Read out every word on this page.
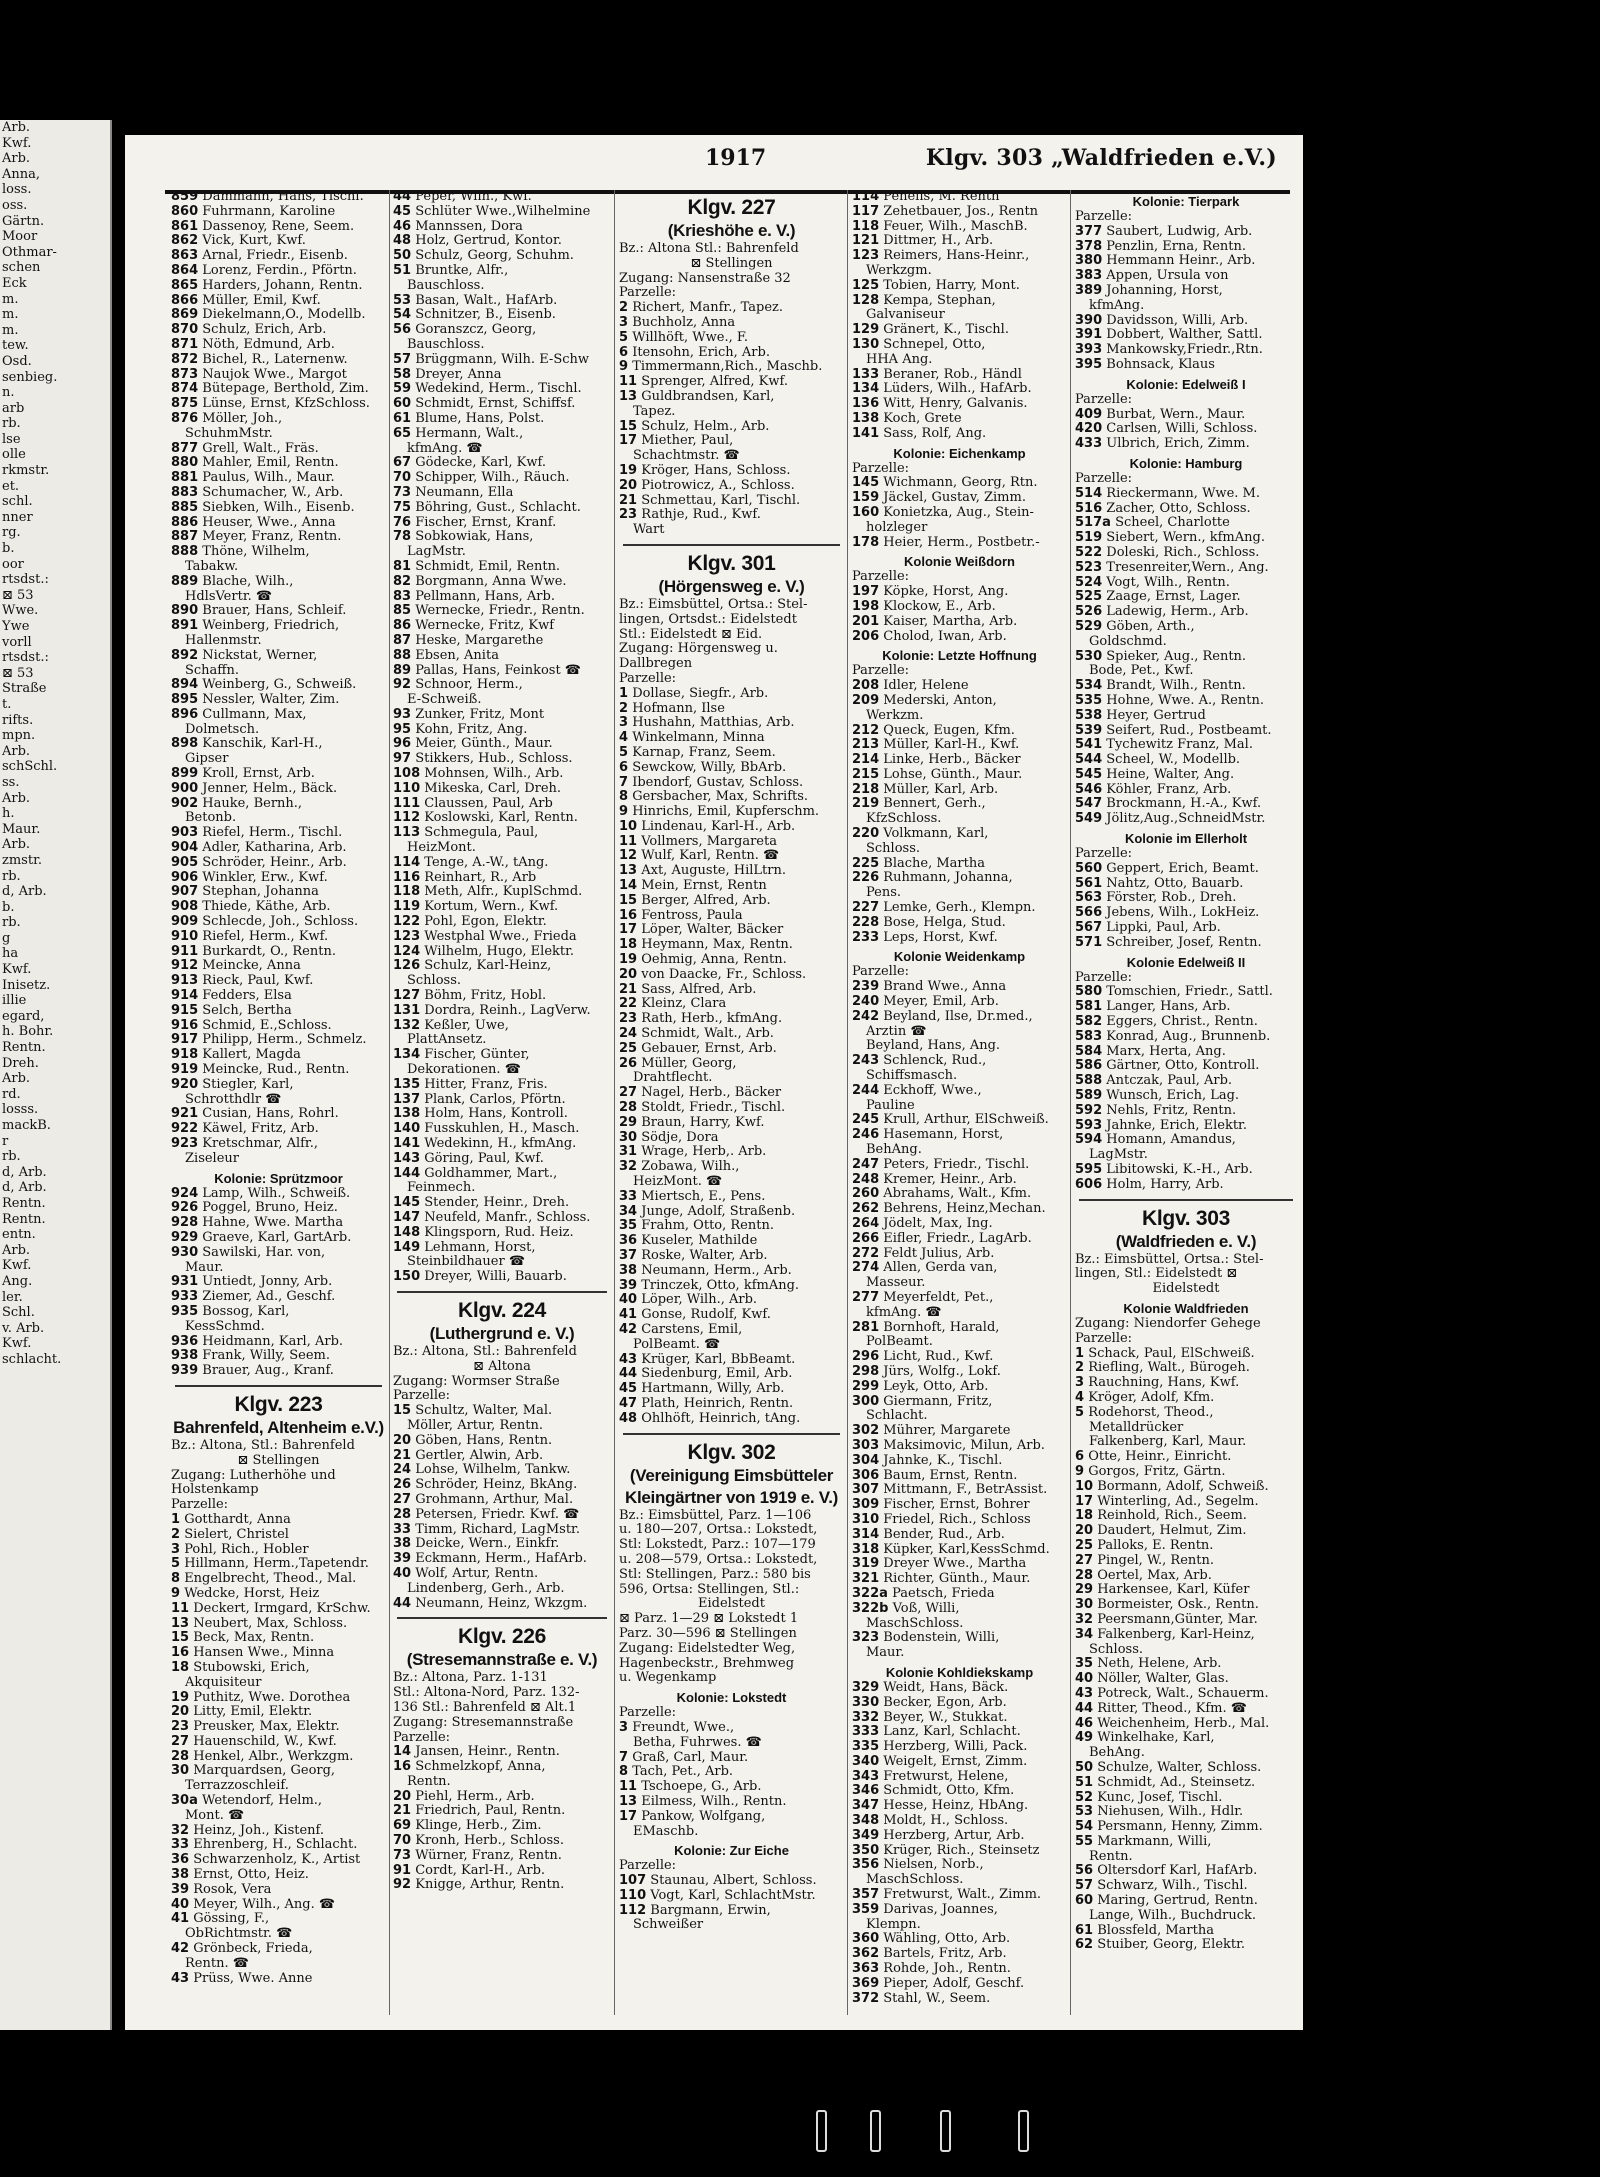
Arb.
Kwf.
Arb.
Anna,
loss.
oss.
Gärtn.
Moor
Othmar-
schen
Eck
m.
m.
m.
tew.
Osd.
senbieg.
n.
arb
rb.
lse
olle
rkmstr.
et.
schl.
nner
rg.
b.
oor
rtsdst.:
⊠ 53
Wwe.
Ywe
vorll
rtsdst.:
⊠ 53
Straße
t.
rifts.
mpn.
Arb.
schSchl.
ss.
Arb.
h.
Maur.
Arb.
zmstr.
rb.
d, Arb.
b.
rb.
g
ha
Kwf.
Inisetz.
illie
egard,
h. Bohr.
Rentn.
Dreh.
Arb.
rd.
losss.
mackB.
r
rb.
d, Arb.
d, Arb.
Rentn.
Rentn.
entn.
Arb.
Kwf.
Ang.
ler.
Schl.
v. Arb.
Kwf.
schlacht.
1917	Klgv. 303 „Waldfrieden e.V.)
859 Dammann, Hans, Tischl.
860 Fuhrmann, Karoline
861 Dassenoy, Rene, Seem.
862 Vick, Kurt, Kwf.
863 Arnal, Friedr., Eisenb.
864 Lorenz, Ferdin., Pförtn.
865 Harders, Johann, Rentn.
866 Müller, Emil, Kwf.
869 Diekelmann,O., Modellb.
870 Schulz, Erich, Arb.
871 Nöth, Edmund, Arb.
872 Bichel, R., Laternenw.
873 Naujok Wwe., Margot
874 Bütepage, Berthold, Zim.
875 Lünse, Ernst, KfzSchloss.
876 Möller, Joh.,
SchuhmMstr.
877 Grell, Walt., Fräs.
880 Mahler, Emil, Rentn.
881 Paulus, Wilh., Maur.
883 Schumacher, W., Arb.
885 Siebken, Wilh., Eisenb.
886 Heuser, Wwe., Anna
887 Meyer, Franz, Rentn.
888 Thöne, Wilhelm,
Tabakw.
889 Blache, Wilh.,
HdlsVertr. ☎
890 Brauer, Hans, Schleif.
891 Weinberg, Friedrich,
Hallenmstr.
892 Nickstat, Werner,
Schaffn.
894 Weinberg, G., Schweiß.
895 Nessler, Walter, Zim.
896 Cullmann, Max,
Dolmetsch.
898 Kanschik, Karl-H.,
Gipser
899 Kroll, Ernst, Arb.
900 Jenner, Helm., Bäck.
902 Hauke, Bernh.,
Betonb.
903 Riefel, Herm., Tischl.
904 Adler, Katharina, Arb.
905 Schröder, Heinr., Arb.
906 Winkler, Erw., Kwf.
907 Stephan, Johanna
908 Thiede, Käthe, Arb.
909 Schlecde, Joh., Schloss.
910 Riefel, Herm., Kwf.
911 Burkardt, O., Rentn.
912 Meincke, Anna
913 Rieck, Paul, Kwf.
914 Fedders, Elsa
915 Selch, Bertha
916 Schmid, E.,Schloss.
917 Philipp, Herm., Schmelz.
918 Kallert, Magda
919 Meincke, Rud., Rentn.
920 Stiegler, Karl,
Schrotthdlr ☎
921 Cusian, Hans, Rohrl.
922 Käwel, Fritz, Arb.
923 Kretschmar, Alfr.,
Ziseleur
Kolonie: Sprützmoor
924 Lamp, Wilh., Schweiß.
926 Poggel, Bruno, Heiz.
928 Hahne, Wwe. Martha
929 Graeve, Karl, GartArb.
930 Sawilski, Har. von,
Maur.
931 Untiedt, Jonny, Arb.
933 Ziemer, Ad., Geschf.
935 Bossog, Karl,
KessSchmd.
936 Heidmann, Karl, Arb.
938 Frank, Willy, Seem.
939 Brauer, Aug., Kranf.
Klgv. 223
Bahrenfeld, Altenheim e.V.)
Bz.: Altona, Stl.: Bahrenfeld
⊠ Stellingen
Zugang: Lutherhöhe und
Holstenkamp
Parzelle:
1 Gotthardt, Anna
2 Sielert, Christel
3 Pohl, Rich., Hobler
5 Hillmann, Herm.,Tapetendr.
8 Engelbrecht, Theod., Mal.
9 Wedcke, Horst, Heiz
11 Deckert, Irmgard, KrSchw.
13 Neubert, Max, Schloss.
15 Beck, Max, Rentn.
16 Hansen Wwe., Minna
18 Stubowski, Erich,
Akquisiteur
19 Puthitz, Wwe. Dorothea
20 Litty, Emil, Elektr.
23 Preusker, Max, Elektr.
27 Hauenschild, W., Kwf.
28 Henkel, Albr., Werkzgm.
30 Marquardsen, Georg,
Terrazzoschleif.
30a Wetendorf, Helm.,
Mont. ☎
32 Heinz, Joh., Kistenf.
33 Ehrenberg, H., Schlacht.
36 Schwarzenholz, K., Artist
38 Ernst, Otto, Heiz.
39 Rosok, Vera
40 Meyer, Wilh., Ang. ☎
41 Gössing, F.,
ObRichtmstr. ☎
42 Grönbeck, Frieda,
Rentn. ☎
43 Prüss, Wwe. Anne
44 Peper, Wilh., Kwf.
45 Schlüter Wwe.,Wilhelmine
46 Mannssen, Dora
48 Holz, Gertrud, Kontor.
50 Schulz, Georg, Schuhm.
51 Bruntke, Alfr.,
Bauschloss.
53 Basan, Walt., HafArb.
54 Schnitzer, B., Eisenb.
56 Goranszcz, Georg,
Bauschloss.
57 Brüggmann, Wilh. E-Schw
58 Dreyer, Anna
59 Wedekind, Herm., Tischl.
60 Schmidt, Ernst, Schiffsf.
61 Blume, Hans, Polst.
65 Hermann, Walt.,
kfmAng. ☎
67 Gödecke, Karl, Kwf.
70 Schipper, Wilh., Räuch.
73 Neumann, Ella
75 Böhring, Gust., Schlacht.
76 Fischer, Ernst, Kranf.
78 Sobkowiak, Hans,
LagMstr.
81 Schmidt, Emil, Rentn.
82 Borgmann, Anna Wwe.
83 Pellmann, Hans, Arb.
85 Wernecke, Friedr., Rentn.
86 Wernecke, Fritz, Kwf
87 Heske, Margarethe
88 Ebsen, Anita
89 Pallas, Hans, Feinkost ☎
92 Schnoor, Herm.,
E-Schweiß.
93 Zunker, Fritz, Mont
95 Kohn, Fritz, Ang.
96 Meier, Günth., Maur.
97 Stikkers, Hub., Schloss.
108 Mohnsen, Wilh., Arb.
110 Mikeska, Carl, Dreh.
111 Claussen, Paul, Arb
112 Koslowski, Karl, Rentn.
113 Schmegula, Paul,
HeizMont.
114 Tenge, A.-W., tAng.
116 Reinhart, R., Arb
118 Meth, Alfr., KuplSchmd.
119 Kortum, Wern., Kwf.
122 Pohl, Egon, Elektr.
123 Westphal Wwe., Frieda
124 Wilhelm, Hugo, Elektr.
126 Schulz, Karl-Heinz,
Schloss.
127 Böhm, Fritz, Hobl.
131 Dordra, Reinh., LagVerw.
132 Keßler, Uwe,
PlattAnsetz.
134 Fischer, Günter,
Dekorationen. ☎
135 Hitter, Franz, Fris.
137 Plank, Carlos, Pförtn.
138 Holm, Hans, Kontroll.
140 Fusskuhlen, H., Masch.
141 Wedekinn, H., kfmAng.
143 Göring, Paul, Kwf.
144 Goldhammer, Mart.,
Feinmech.
145 Stender, Heinr., Dreh.
147 Neufeld, Manfr., Schloss.
148 Klingsporn, Rud. Heiz.
149 Lehmann, Horst,
Steinbildhauer ☎
150 Dreyer, Willi, Bauarb.
Klgv. 224
(Luthergrund e. V.)
Bz.: Altona, Stl.: Bahrenfeld
⊠ Altona
Zugang: Wormser Straße
Parzelle:
15 Schultz, Walter, Mal.
Möller, Artur, Rentn.
20 Göben, Hans, Rentn.
21 Gertler, Alwin, Arb.
24 Lohse, Wilhelm, Tankw.
26 Schröder, Heinz, BkAng.
27 Grohmann, Arthur, Mal.
28 Petersen, Friedr. Kwf. ☎
33 Timm, Richard, LagMstr.
38 Deicke, Wern., Einkfr.
39 Eckmann, Herm., HafArb.
40 Wolf, Artur, Rentn.
Lindenberg, Gerh., Arb.
44 Neumann, Heinz, Wkzgm.
Klgv. 226
(Stresemannstraße e. V.)
Bz.: Altona, Parz. 1-131
Stl.: Altona-Nord, Parz. 132-
136 Stl.: Bahrenfeld ⊠ Alt.1
Zugang: Stresemannstraße
Parzelle:
14 Jansen, Heinr., Rentn.
16 Schmelzkopf, Anna,
Rentn.
20 Piehl, Herm., Arb.
21 Friedrich, Paul, Rentn.
69 Klinge, Herb., Zim.
70 Kronh, Herb., Schloss.
73 Würner, Franz, Rentn.
91 Cordt, Karl-H., Arb.
92 Knigge, Arthur, Rentn.
Klgv. 227
(Krieshöhe e. V.)
Bz.: Altona Stl.: Bahrenfeld
⊠ Stellingen
Zugang: Nansenstraße 32
Parzelle:
2 Richert, Manfr., Tapez.
3 Buchholz, Anna
5 Willhöft, Wwe., F.
6 Itensohn, Erich, Arb.
9 Timmermann,Rich., Maschb.
11 Sprenger, Alfred, Kwf.
13 Guldbrandsen, Karl,
Tapez.
15 Schulz, Helm., Arb.
17 Miether, Paul,
Schachtmstr. ☎
19 Kröger, Hans, Schloss.
20 Piotrowicz, A., Schloss.
21 Schmettau, Karl, Tischl.
23 Rathje, Rud., Kwf.
Wart
Klgv. 301
(Hörgensweg e. V.)
Bz.: Eimsbüttel, Ortsa.: Stel-
lingen, Ortsdst.: Eidelstedt
Stl.: Eidelstedt ⊠ Eid.
Zugang: Hörgensweg u.
Dallbregen
Parzelle:
1 Dollase, Siegfr., Arb.
2 Hofmann, Ilse
3 Hushahn, Matthias, Arb.
4 Winkelmann, Minna
5 Karnap, Franz, Seem.
6 Sewckow, Willy, BbArb.
7 Ibendorf, Gustav, Schloss.
8 Gersbacher, Max, Schrifts.
9 Hinrichs, Emil, Kupferschm.
10 Lindenau, Karl-H., Arb.
11 Vollmers, Margareta
12 Wulf, Karl, Rentn. ☎
13 Axt, Auguste, HilLtrn.
14 Mein, Ernst, Rentn
15 Berger, Alfred, Arb.
16 Fentross, Paula
17 Löper, Walter, Bäcker
18 Heymann, Max, Rentn.
19 Oehmig, Anna, Rentn.
20 von Daacke, Fr., Schloss.
21 Sass, Alfred, Arb.
22 Kleinz, Clara
23 Rath, Herb., kfmAng.
24 Schmidt, Walt., Arb.
25 Gebauer, Ernst, Arb.
26 Müller, Georg,
Drahtflecht.
27 Nagel, Herb., Bäcker
28 Stoldt, Friedr., Tischl.
29 Braun, Harry, Kwf.
30 Södje, Dora
31 Wrage, Herb,. Arb.
32 Zobawa, Wilh.,
HeizMont. ☎
33 Miertsch, E., Pens.
34 Junge, Adolf, Straßenb.
35 Frahm, Otto, Rentn.
36 Kuseler, Mathilde
37 Roske, Walter, Arb.
38 Neumann, Herm., Arb.
39 Trinczek, Otto, kfmAng.
40 Löper, Wilh., Arb.
41 Gonse, Rudolf, Kwf.
42 Carstens, Emil,
PolBeamt. ☎
43 Krüger, Karl, BbBeamt.
44 Siedenburg, Emil, Arb.
45 Hartmann, Willy, Arb.
47 Plath, Heinrich, Rentn.
48 Ohlhöft, Heinrich, tAng.
Klgv. 302
(Vereinigung Eimsbütteler
Kleingärtner von 1919 e. V.)
Bz.: Eimsbüttel, Parz. 1—106
u. 180—207, Ortsa.: Lokstedt,
Stl: Lokstedt, Parz.: 107—179
u. 208—579, Ortsa.: Lokstedt,
Stl: Stellingen, Parz.: 580 bis
596, Ortsa: Stellingen, Stl.:
Eidelstedt
⊠ Parz. 1—29 ⊠ Lokstedt 1
Parz. 30—596 ⊠ Stellingen
Zugang: Eidelstedter Weg,
Hagenbeckstr., Brehmweg
u. Wegenkamp
Kolonie: Lokstedt
Parzelle:
3 Freundt, Wwe.,
Betha, Fuhrwes. ☎
7 Graß, Carl, Maur.
8 Tach, Pet., Arb.
11 Tschoepe, G., Arb.
13 Eilmess, Wilh., Rentn.
17 Pankow, Wolfgang,
EMaschb.
Kolonie: Zur Eiche
Parzelle:
107 Staunau, Albert, Schloss.
110 Vogt, Karl, SchlachtMstr.
112 Bargmann, Erwin,
Schweißer
114 Penelis, M. Rentn
117 Zehetbauer, Jos., Rentn
118 Feuer, Wilh., MaschB.
121 Dittmer, H., Arb.
123 Reimers, Hans-Heinr.,
Werkzgm.
125 Tobien, Harry, Mont.
128 Kempa, Stephan,
Galvaniseur
129 Gränert, K., Tischl.
130 Schnepel, Otto,
HHA Ang.
133 Beraner, Rob., Händl
134 Lüders, Wilh., HafArb.
136 Witt, Henry, Galvanis.
138 Koch, Grete
141 Sass, Rolf, Ang.
Kolonie: Eichenkamp
Parzelle:
145 Wichmann, Georg, Rtn.
159 Jäckel, Gustav, Zimm.
160 Konietzka, Aug., Stein-
holzleger
178 Heier, Herm., Postbetr.-
Kolonie Weißdorn
Parzelle:
197 Köpke, Horst, Ang.
198 Klockow, E., Arb.
201 Kaiser, Martha, Arb.
206 Cholod, Iwan, Arb.
Kolonie: Letzte Hoffnung
Parzelle:
208 Idler, Helene
209 Mederski, Anton,
Werkzm.
212 Queck, Eugen, Kfm.
213 Müller, Karl-H., Kwf.
214 Linke, Herb., Bäcker
215 Lohse, Günth., Maur.
218 Müller, Karl, Arb.
219 Bennert, Gerh.,
KfzSchloss.
220 Volkmann, Karl,
Schloss.
225 Blache, Martha
226 Ruhmann, Johanna,
Pens.
227 Lemke, Gerh., Klempn.
228 Bose, Helga, Stud.
233 Leps, Horst, Kwf.
Kolonie Weidenkamp
Parzelle:
239 Brand Wwe., Anna
240 Meyer, Emil, Arb.
242 Beyland, Ilse, Dr.med.,
Ärztin ☎
Beyland, Hans, Ang.
243 Schlenck, Rud.,
Schiffsmasch.
244 Eckhoff, Wwe.,
Pauline
245 Krull, Arthur, ElSchweiß.
246 Hasemann, Horst,
BehAng.
247 Peters, Friedr., Tischl.
248 Kremer, Heinr., Arb.
260 Abrahams, Walt., Kfm.
262 Behrens, Heinz,Mechan.
264 Jödelt, Max, Ing.
266 Eifler, Friedr., LagArb.
272 Feldt Julius, Arb.
274 Allen, Gerda van,
Masseur.
277 Meyerfeldt, Pet.,
kfmAng. ☎
281 Bornhoft, Harald,
PolBeamt.
296 Licht, Rud., Kwf.
298 Jürs, Wolfg., Lokf.
299 Leyk, Otto, Arb.
300 Giermann, Fritz,
Schlacht.
302 Mührer, Margarete
303 Maksimovic, Milun, Arb.
304 Jahnke, K., Tischl.
306 Baum, Ernst, Rentn.
307 Mittmann, F., BetrAssist.
309 Fischer, Ernst, Bohrer
310 Friedel, Rich., Schloss
314 Bender, Rud., Arb.
318 Küpker, Karl,KessSchmd.
319 Dreyer Wwe., Martha
321 Richter, Günth., Maur.
322a Paetsch, Frieda
322b Voß, Willi,
MaschSchloss.
323 Bodenstein, Willi,
Maur.
Kolonie Kohldiekskamp
329 Weidt, Hans, Bäck.
330 Becker, Egon, Arb.
332 Beyer, W., Stukkat.
333 Lanz, Karl, Schlacht.
335 Herzberg, Willi, Pack.
340 Weigelt, Ernst, Zimm.
343 Fretwurst, Helene,
346 Schmidt, Otto, Kfm.
347 Hesse, Heinz, HbAng.
348 Moldt, H., Schloss.
349 Herzberg, Artur, Arb.
350 Krüger, Rich., Steinsetz
356 Nielsen, Norb.,
MaschSchloss.
357 Fretwurst, Walt., Zimm.
359 Darivas, Joannes,
Klempn.
360 Wähling, Otto, Arb.
362 Bartels, Fritz, Arb.
363 Rohde, Joh., Rentn.
369 Pieper, Adolf, Geschf.
372 Stahl, W., Seem.
Kolonie: Tierpark
Parzelle:
377 Saubert, Ludwig, Arb.
378 Penzlin, Erna, Rentn.
380 Hemmann Heinr., Arb.
383 Appen, Ursula von
389 Johanning, Horst,
kfmAng.
390 Davidsson, Willi, Arb.
391 Dobbert, Walther, Sattl.
393 Mankowsky,Friedr.,Rtn.
395 Bohnsack, Klaus
Kolonie: Edelweiß I
Parzelle:
409 Burbat, Wern., Maur.
420 Carlsen, Willi, Schloss.
433 Ulbrich, Erich, Zimm.
Kolonie: Hamburg
Parzelle:
514 Rieckermann, Wwe. M.
516 Zacher, Otto, Schloss.
517a Scheel, Charlotte
519 Siebert, Wern., kfmAng.
522 Doleski, Rich., Schloss.
523 Tresenreiter,Wern., Ang.
524 Vogt, Wilh., Rentn.
525 Zaage, Ernst, Lager.
526 Ladewig, Herm., Arb.
529 Göben, Arth.,
Goldschmd.
530 Spieker, Aug., Rentn.
Bode, Pet., Kwf.
534 Brandt, Wilh., Rentn.
535 Hohne, Wwe. A., Rentn.
538 Heyer, Gertrud
539 Seifert, Rud., Postbeamt.
541 Tychewitz Franz, Mal.
544 Scheel, W., Modellb.
545 Heine, Walter, Ang.
546 Köhler, Franz, Arb.
547 Brockmann, H.-A., Kwf.
549 Jölitz,Aug.,SchneidMstr.
Kolonie im Ellerholt
Parzelle:
560 Geppert, Erich, Beamt.
561 Nahtz, Otto, Bauarb.
563 Förster, Rob., Dreh.
566 Jebens, Wilh., LokHeiz.
567 Lippki, Paul, Arb.
571 Schreiber, Josef, Rentn.
Kolonie Edelweiß II
Parzelle:
580 Tomschien, Friedr., Sattl.
581 Langer, Hans, Arb.
582 Eggers, Christ., Rentn.
583 Konrad, Aug., Brunnenb.
584 Marx, Herta, Ang.
586 Gärtner, Otto, Kontroll.
588 Antczak, Paul, Arb.
589 Wunsch, Erich, Lag.
592 Nehls, Fritz, Rentn.
593 Jahnke, Erich, Elektr.
594 Homann, Amandus,
LagMstr.
595 Libitowski, K.-H., Arb.
606 Holm, Harry, Arb.
Klgv. 303
(Waldfrieden e. V.)
Bz.: Eimsbüttel, Ortsa.: Stel-
lingen, Stl.: Eidelstedt ⊠
Eidelstedt
Kolonie Waldfrieden
Zugang: Niendorfer Gehege
Parzelle:
1 Schack, Paul, ElSchweiß.
2 Riefling, Walt., Bürogeh.
3 Rauchning, Hans, Kwf.
4 Kröger, Adolf, Kfm.
5 Rodehorst, Theod.,
Metalldrücker
Falkenberg, Karl, Maur.
6 Otte, Heinr., Einricht.
9 Gorgos, Fritz, Gärtn.
10 Bormann, Adolf, Schweiß.
17 Winterling, Ad., Segelm.
18 Reinhold, Rich., Seem.
20 Daudert, Helmut, Zim.
25 Palloks, E. Rentn.
27 Pingel, W., Rentn.
28 Oertel, Max, Arb.
29 Harkensee, Karl, Küfer
30 Bormeister, Osk., Rentn.
32 Peersmann,Günter, Mar.
34 Falkenberg, Karl-Heinz,
Schloss.
35 Neth, Helene, Arb.
40 Nöller, Walter, Glas.
43 Potreck, Walt., Schauerm.
44 Ritter, Theod., Kfm. ☎
46 Weichenheim, Herb., Mal.
49 Winkelhake, Karl,
BehAng.
50 Schulze, Walter, Schloss.
51 Schmidt, Ad., Steinsetz.
52 Kunc, Josef, Tischl.
53 Niehusen, Wilh., Hdlr.
54 Persmann, Henny, Zimm.
55 Markmann, Willi,
Rentn.
56 Oltersdorf Karl, HafArb.
57 Schwarz, Wilh., Tischl.
60 Maring, Gertrud, Rentn.
Lange, Wilh., Buchdruck.
61 Blossfeld, Martha
62 Stuiber, Georg, Elektr.
